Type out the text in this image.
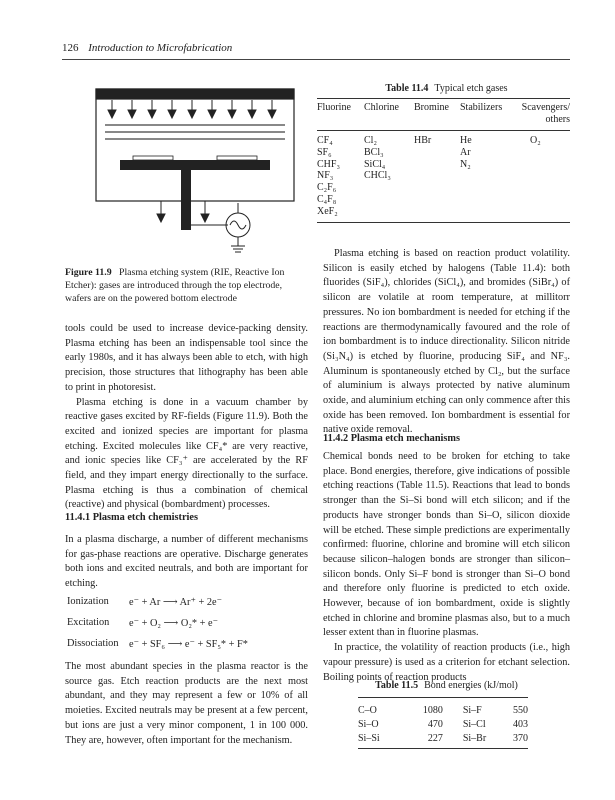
126 Introduction to Microfabrication
Figure 11.9 Plasma etching system (RIE, Reactive Ion Etcher): gases are introduced through the top electrode, wafers are on the powered bottom electrode

tools could be used to increase device-packing density. Plasma etching has been an indispensable tool since the early 1980s, and it has always been able to etch, with high precision, those structures that lithography has been able to print in photoresist.

Plasma etching is done in a vacuum chamber by reactive gases excited by RF-fields (Figure 11.9). Both the excited and ionized species are important for plasma etching. Excited molecules like CF₄* are very reactive, and ionic species like CF₃⁺ are accelerated by the RF field, and they impart energy directionally to the surface. Plasma etching is thus a combination of chemical (reactive) and physical (bombardment) processes.

11.4.1 Plasma etch chemistries

In a plasma discharge, a number of different mechanisms for gas-phase reactions are operative. Discharge generates both ions and excited neutrals, and both are important for etching.

Ionization e⁻ + Ar ⟶ Ar⁺ + 2e⁻
Excitation e⁻ + O₂ ⟶ O₂* + e⁻
Dissociation e⁻ + SF₆ ⟶ e⁻ + SF₅* + F*

The most abundant species in the plasma reactor is the source gas. Etch reaction products are the next most abundant, and they may represent a few or 10% of all moieties. Excited neutrals may be present at a few percent, but ions are just a very minor component, 1 in 100 000. They are, however, often important for the mechanism.

Table 11.4 Typical etch gases
Fluorine	Chlorine	Bromine	Stabilizers	Scavengers/ others
CF₄	Cl₂	HBr	He	O₂
SF₆	BCl₃		Ar	
CHF₃	SiCl₄		N₂	
NF₃	CHCl₃			
C₂F₆				
C₄F₈				
XeF₂				

Plasma etching is based on reaction product volatility. Silicon is easily etched by halogens (Table 11.4): both fluorides (SiF₄), chlorides (SiCl₄), and bromides (SiBr₄) of silicon are volatile at room temperature, at millitorr pressures. No ion bombardment is needed for etching if the reactions are thermodynamically favoured and the role of ion bombardment is to induce directionality. Silicon nitride (Si₃N₄) is etched by fluorine, producing SiF₄ and NF₃. Aluminum is spontaneously etched by Cl₂, but the surface of aluminium is always protected by native aluminum oxide, and aluminium etching can only commence after this oxide has been removed. Ion bombardment is essential for native oxide removal.

11.4.2 Plasma etch mechanisms

Chemical bonds need to be broken for etching to take place. Bond energies, therefore, give indications of possible etching reactions (Table 11.5). Reactions that lead to bonds stronger than the Si–Si bond will etch silicon; and if the products have stronger bonds than Si–O, silicon dioxide will be etched. These simple predictions are experimentally confirmed: fluorine, chlorine and bromine will etch silicon because silicon–halogen bonds are stronger than silicon–silicon bonds. Only Si–F bond is stronger than Si–O bond and therefore only fluorine is predicted to etch oxide. However, because of ion bombardment, oxide is slightly etched in chlorine and bromine plasmas also, but to a much lesser extent than in fluorine plasmas.

In practice, the volatility of reaction products (i.e., high vapour pressure) is used as a criterion for etchant selection. Boiling points of reaction products

Table 11.5 Bond energies (kJ/mol)
C–O	1080	Si–F	550
Si–O	470	Si–Cl	403
Si–Si	227	Si–Br	370
